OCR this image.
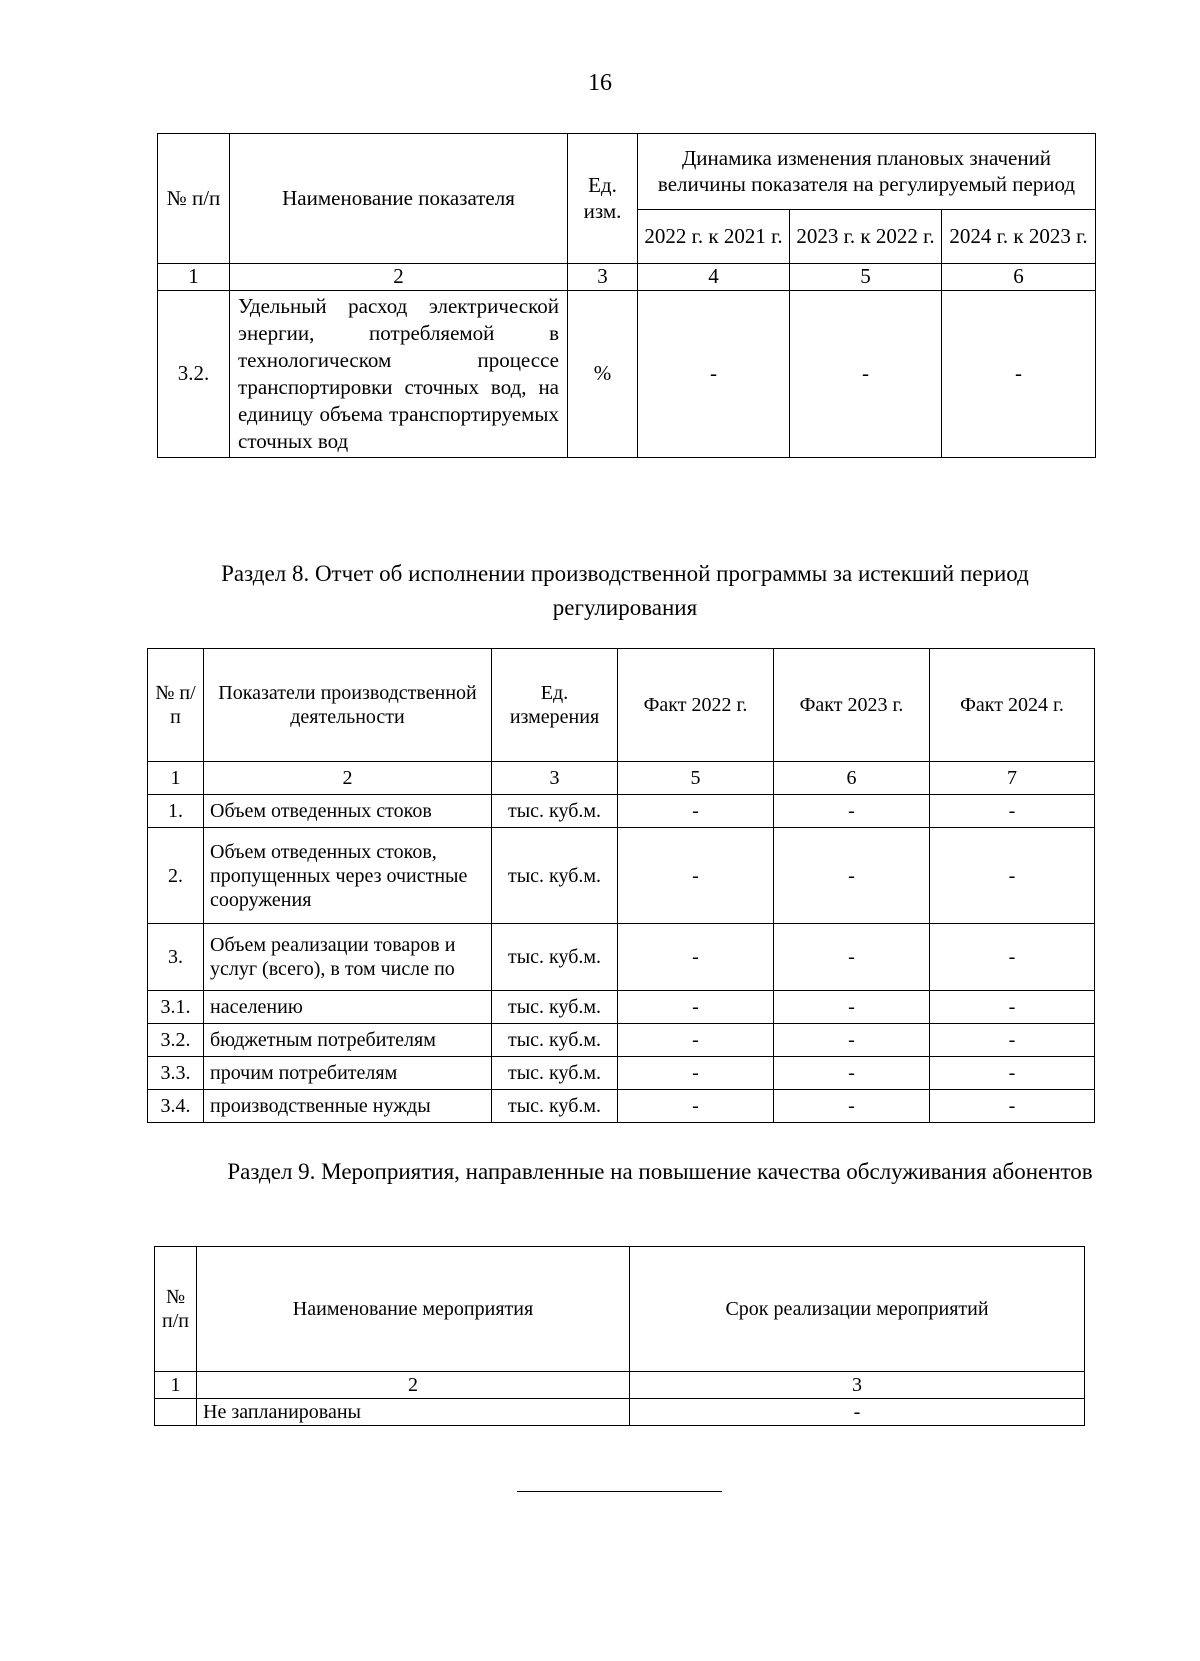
16
№ п/п	Наименование показателя	Ед. изм.	Динамика изменения плановых значений величины показателя на регулируемый период		
			2022 г. к 2021 г.	2023 г. к 2022 г.	2024 г. к 2023 г.
1	2	3	4	5	6
3.2.	Удельный расход электрической энергии, потребляемой в технологическом процессе транспортировки сточных вод, на единицу объема транспортируемых сточных вод	%	-	-	-
Раздел 8. Отчет об исполнении производственной программы за истекший период регулирования
№ п/п	Показатели производственной деятельности	Ед. измерения	Факт 2022 г.	Факт 2023 г.	Факт 2024 г.
1	2	3	5	6	7
1.	Объем отведенных стоков	тыс. куб.м.	-	-	-
2.	Объем отведенных стоков, пропущенных через очистные сооружения	тыс. куб.м.	-	-	-
3.	Объем реализации товаров и услуг (всего), в том числе по	тыс. куб.м.	-	-	-
3.1.	населению	тыс. куб.м.	-	-	-
3.2.	бюджетным потребителям	тыс. куб.м.	-	-	-
3.3.	прочим потребителям	тыс. куб.м.	-	-	-
3.4.	производственные нужды	тыс. куб.м.	-	-	-
Раздел 9. Мероприятия, направленные на повышение качества обслуживания абонентов
№ п/п	Наименование мероприятия	Срок реализации мероприятий
1	2	3
	Не запланированы	-
